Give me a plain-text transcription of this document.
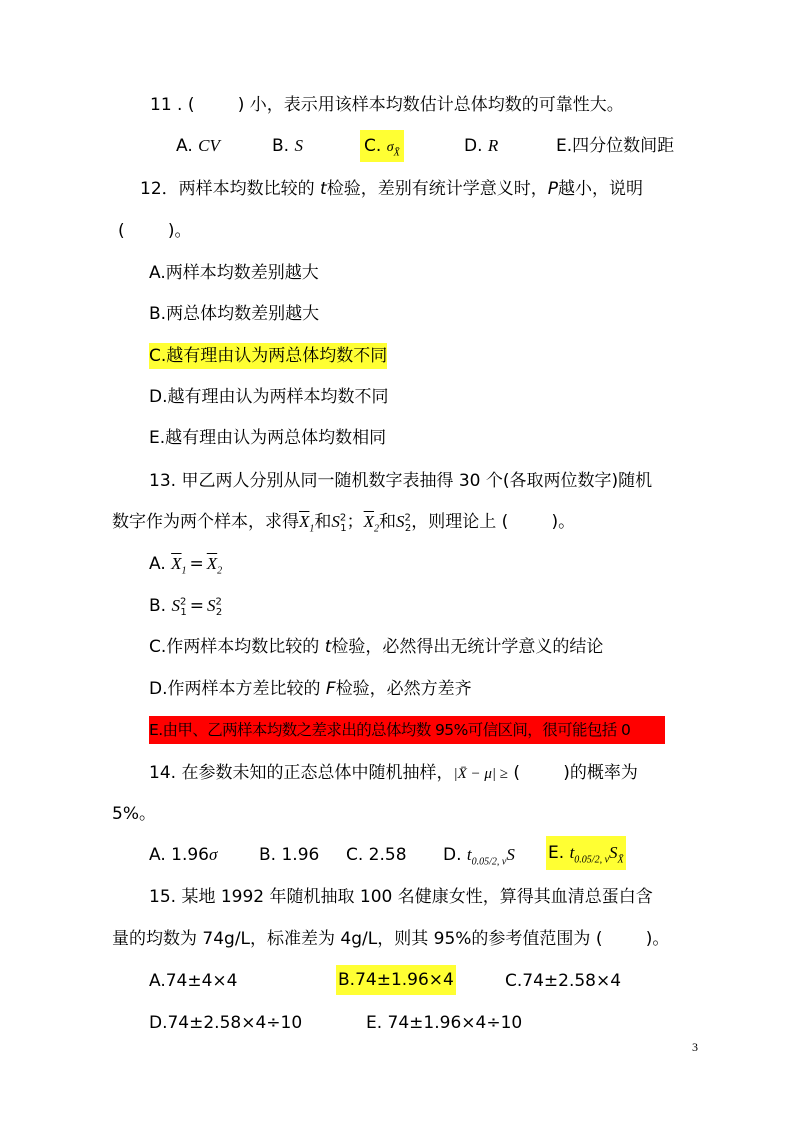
11 . (	) 小，表示用该样本均数估计总体均数的可靠性大。
A. CV	B. S	C. $\sigma_{X̄}$	D. R	E.四分位数间距
12．两样本均数比较的 t检验，差别有统计学意义时，P越小，说明
(        )。
A.两样本均数差别越大
B.两总体均数差别越大
C.越有理由认为两总体均数不同
D.越有理由认为两样本均数不同
E.越有理由认为两总体均数相同
13. 甲乙两人分别从同一随机数字表抽得 30 个(各取两位数字)随机
数字作为两个样本，求得$\overline{X}_1$和$S^2_1$；$\overline{X}_2$和$S^2_2$，则理论上 (        )。
A. $\overline{X}_1 = \overline{X}_2$
B. $S^2_1 = S^2_2$
C.作两样本均数比较的 t检验，必然得出无统计学意义的结论
D.作两样本方差比较的 F检验，必然方差齐
E.由甲、乙两样本均数之差求出的总体均数 95%可信区间，很可能包括 0
14. 在参数未知的正态总体中随机抽样，|X̄ − μ| ≥ (        )的概率为
5%。
A. 1.96σ B. 1.96 C. 2.58 D. $t_{0.05/2, \nu}S$ E. $t_{0.05/2, \nu}S_{X̄}$
15. 某地 1992 年随机抽取 100 名健康女性，算得其血清总蛋白含
量的均数为 74g/L，标准差为 4g/L，则其 95%的参考值范围为 (        )。
A.74±4×4	B.74±1.96×4	C.74±2.58×4
D.74±2.58×4÷10	E. 74±1.96×4÷10
3
